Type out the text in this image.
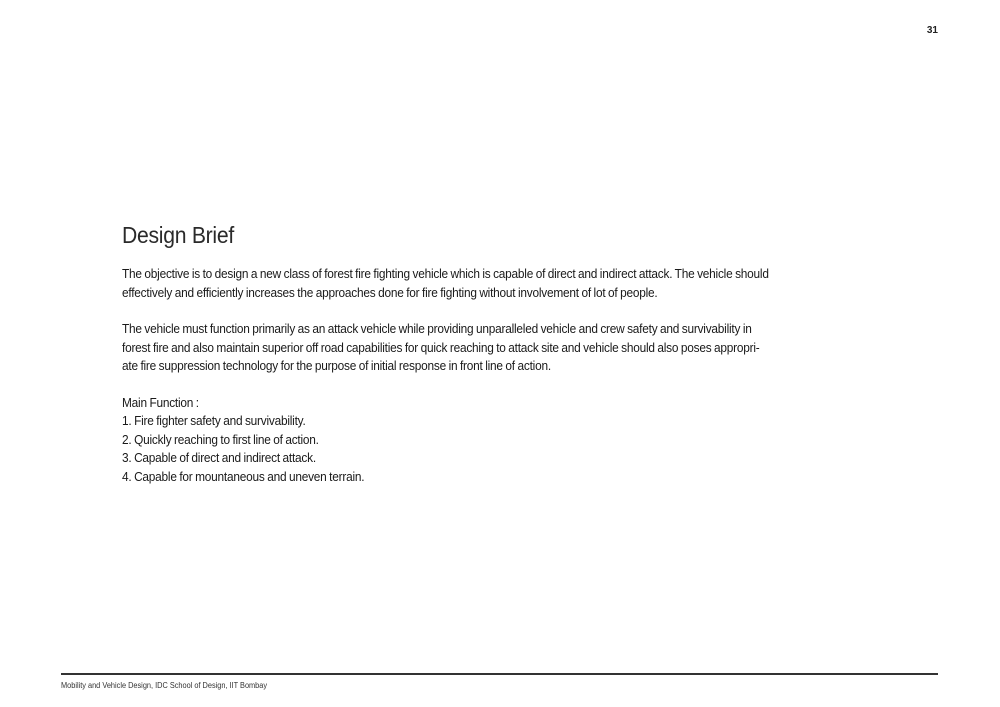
31
Design Brief

The objective is to design a new class of forest fire fighting vehicle which is capable of direct and indirect attack. The vehicle should
effectively and efficiently increases the approaches done for fire fighting without involvement of lot of people.

The vehicle must function primarily as an attack vehicle while providing unparalleled vehicle and crew safety and survivability in
forest fire and also maintain superior off road capabilities for quick reaching to attack site and vehicle should also poses appropri-
ate fire suppression technology for the purpose of initial response in front line of action.

Main Function :
1. Fire fighter safety and survivability.
2. Quickly reaching to first line of action.
3. Capable of direct and indirect attack.
4. Capable for mountaneous and uneven terrain.
Mobility and Vehicle Design, IDC School of Design, IIT Bombay
